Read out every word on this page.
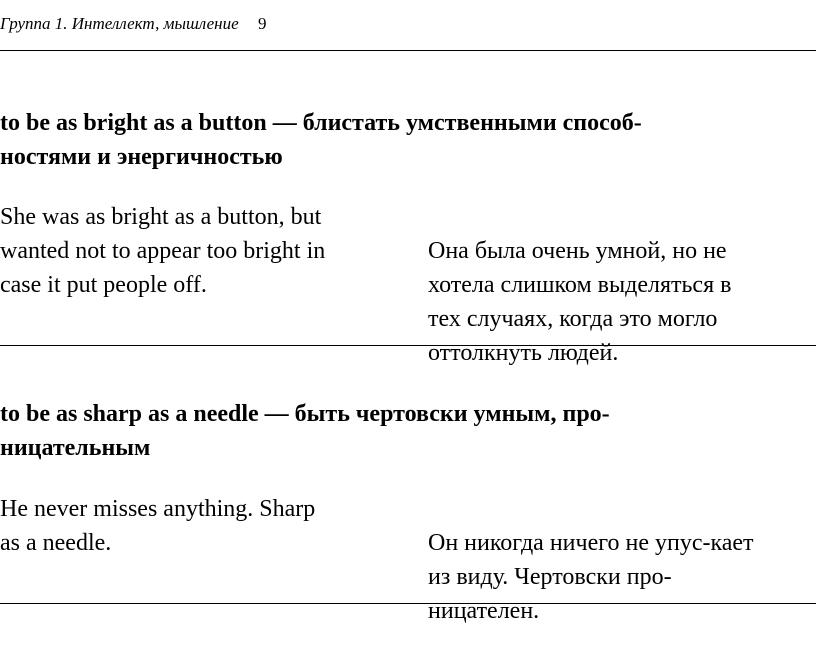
Группа 1. Интеллект, мышление 9
to be as bright as a button — блистать умственными способ-
ностями и энергичностью
She was as bright as a button, but
wanted not to appear too bright in
case it put people off.
Она была очень умной, но не
хотела слишком выделяться в
тех случаях, когда это могло
оттолкнуть людей.
to be as sharp as a needle — быть чертовски умным, про-
ницательным
He never misses anything. Sharp
as a needle.	Он никогда ничего не упус-кает
из виду. Чертовски про-
ницателен.
